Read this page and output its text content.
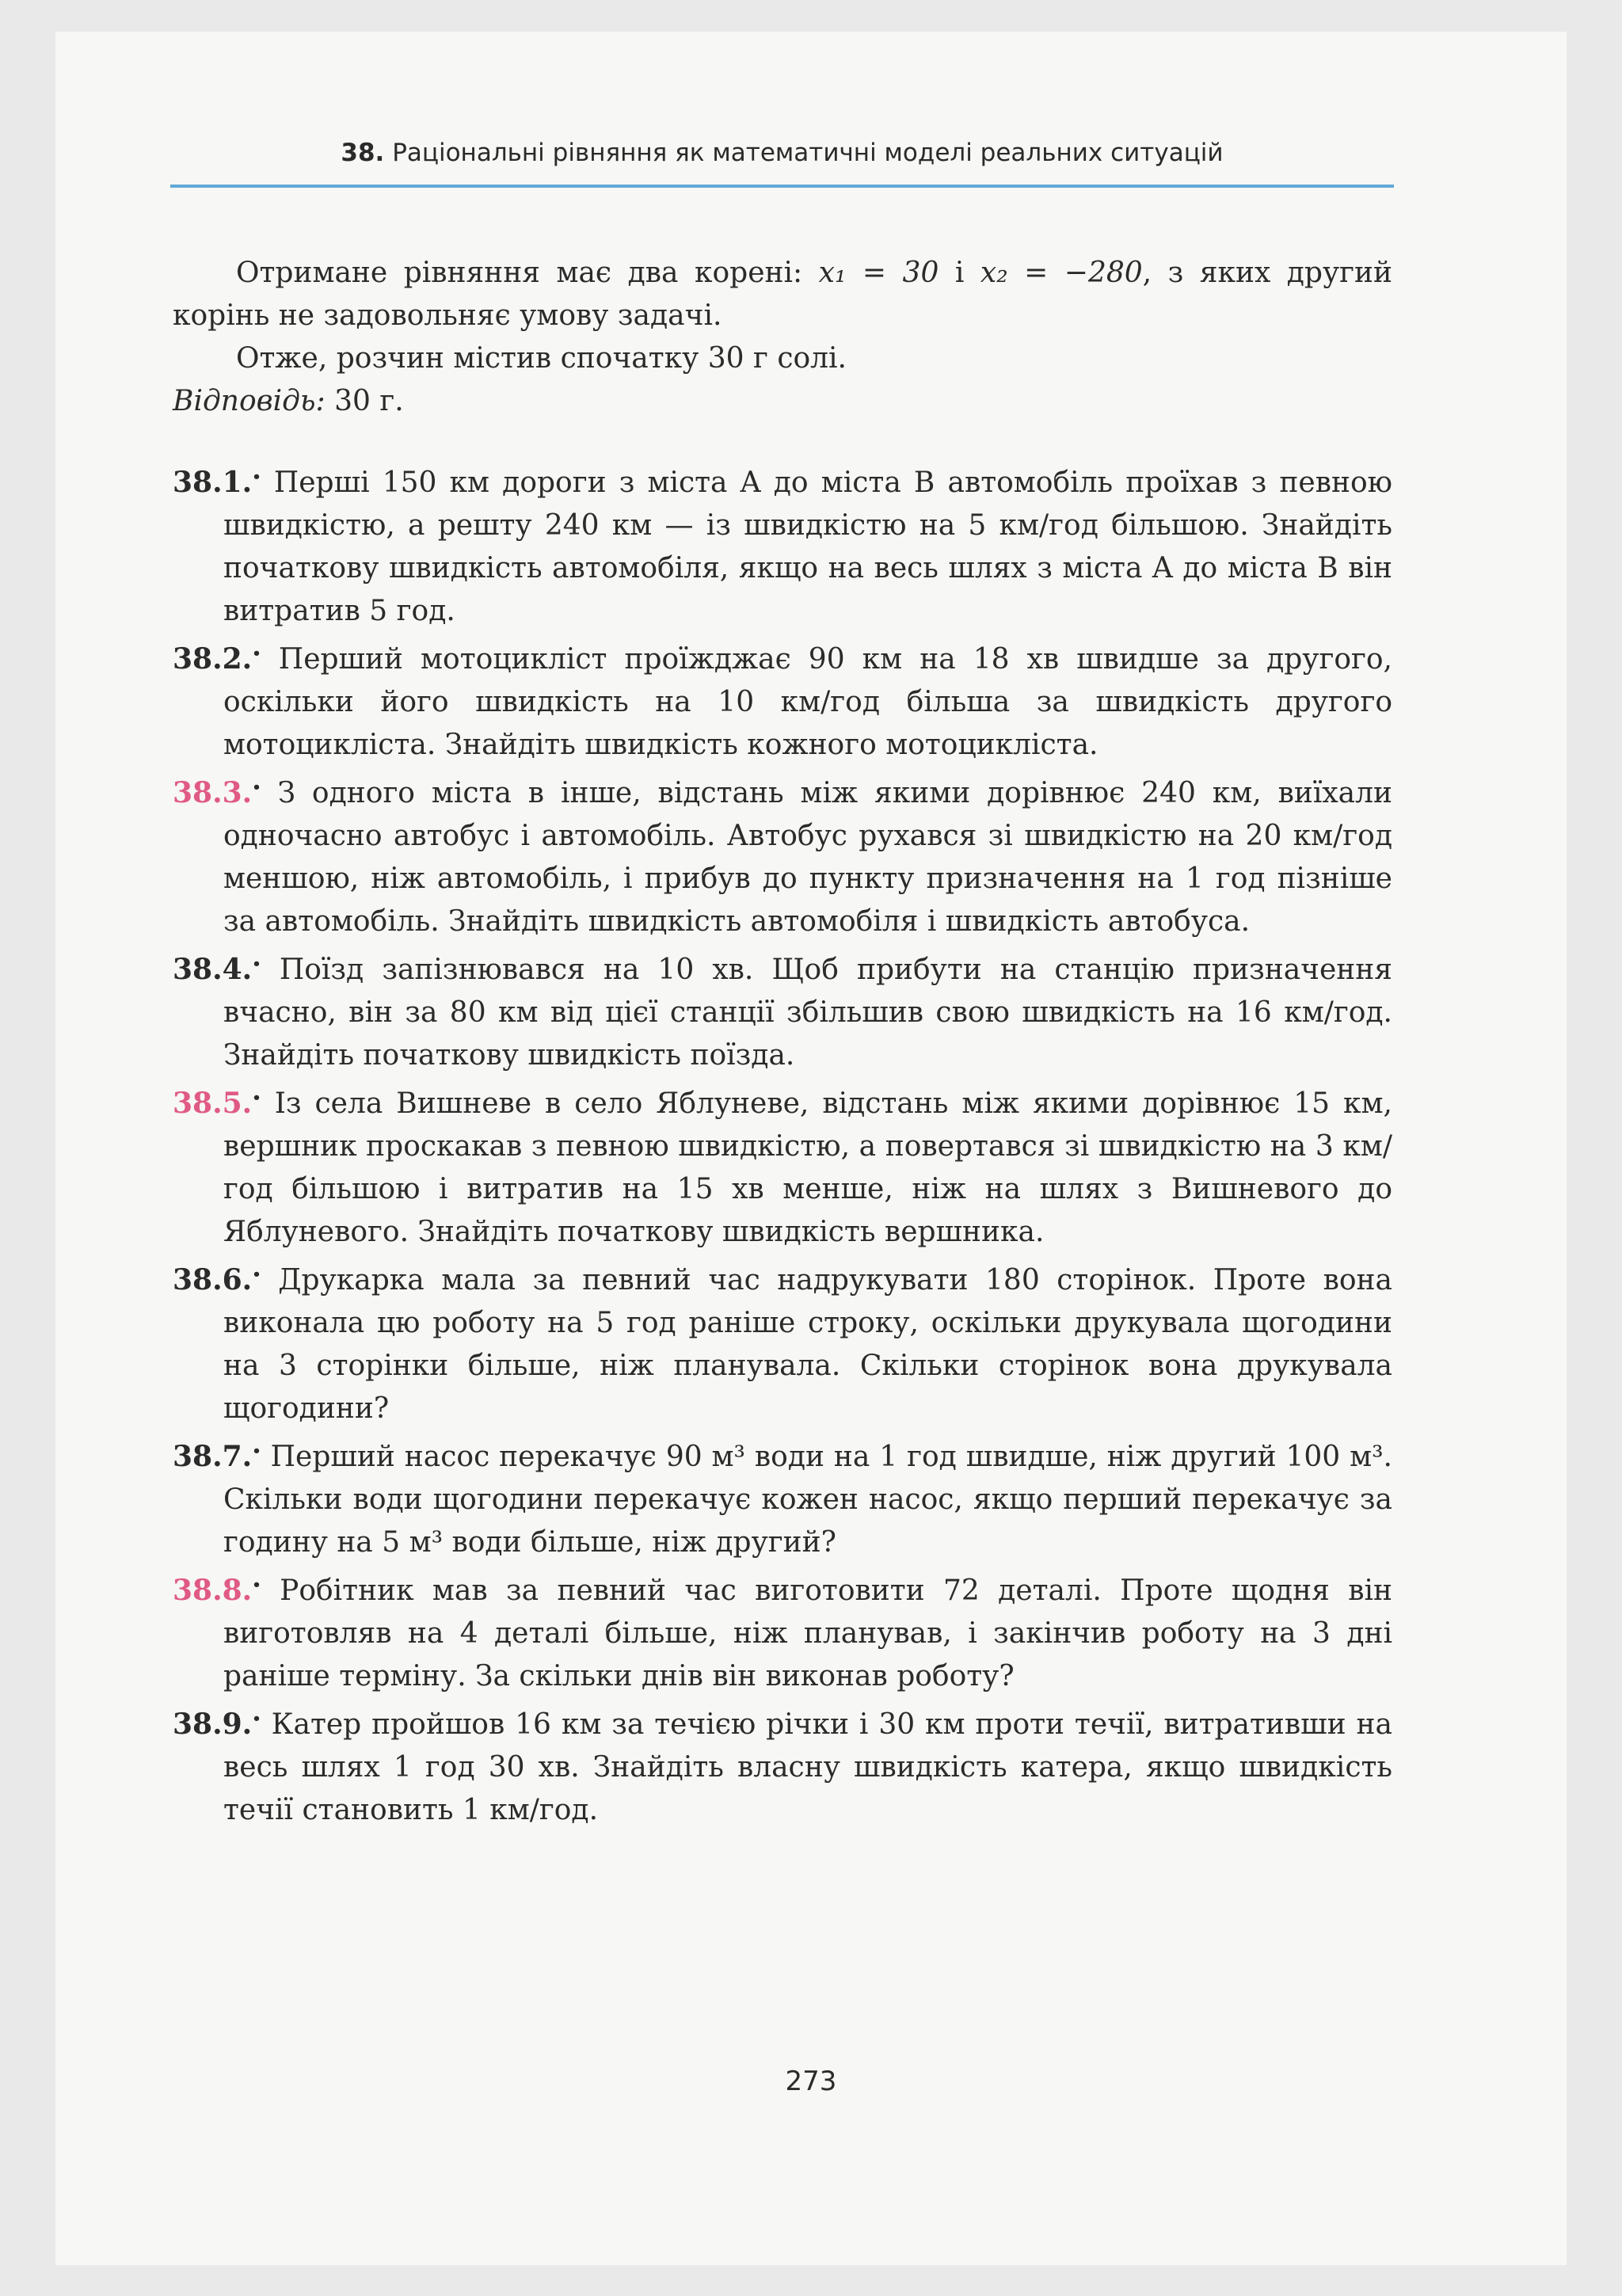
38. Раціональні рівняння як математичні моделі реальних ситуацій

Отримане рівняння має два корені: x₁ = 30 і x₂ = −280, з яких другий корінь не задовольняє умову задачі.

Отже, розчин містив спочатку 30 г солі.

Відповідь: 30 г.

38.1.• Перші 150 км дороги з міста A до міста B автомобіль проїхав з певною швидкістю, а решту 240 км — із швидкістю на 5 км/год більшою. Знайдіть початкову швидкість автомобіля, якщо на весь шлях з міста A до міста B він витратив 5 год.

38.2.• Перший мотоцикліст проїжджає 90 км на 18 хв швидше за другого, оскільки його швидкість на 10 км/год більша за швидкість другого мотоцикліста. Знайдіть швидкість кожного мотоцикліста.

38.3.• З одного міста в інше, відстань між якими дорівнює 240 км, виїхали одночасно автобус і автомобіль. Автобус рухався зі швидкістю на 20 км/год меншою, ніж автомобіль, і прибув до пункту призначення на 1 год пізніше за автомобіль. Знайдіть швидкість автомобіля і швидкість автобуса.

38.4.• Поїзд запізнювався на 10 хв. Щоб прибути на станцію призначення вчасно, він за 80 км від цієї станції збільшив свою швидкість на 16 км/год. Знайдіть початкову швидкість поїзда.

38.5.• Із села Вишневе в село Яблуневе, відстань між якими дорівнює 15 км, вершник проскакав з певною швидкістю, а повертався зі швидкістю на 3 км/год більшою і витратив на 15 хв менше, ніж на шлях з Вишневого до Яблуневого. Знайдіть початкову швидкість вершника.

38.6.• Друкарка мала за певний час надрукувати 180 сторінок. Проте вона виконала цю роботу на 5 год раніше строку, оскільки друкувала щогодини на 3 сторінки більше, ніж планувала. Скільки сторінок вона друкувала щогодини?

38.7.• Перший насос перекачує 90 м³ води на 1 год швидше, ніж другий 100 м³. Скільки води щогодини перекачує кожен насос, якщо перший перекачує за годину на 5 м³ води більше, ніж другий?

38.8.• Робітник мав за певний час виготовити 72 деталі. Проте щодня він виготовляв на 4 деталі більше, ніж планував, і закінчив роботу на 3 дні раніше терміну. За скільки днів він виконав роботу?

38.9.• Катер пройшов 16 км за течією річки і 30 км проти течії, витративши на весь шлях 1 год 30 хв. Знайдіть власну швидкість катера, якщо швидкість течії становить 1 км/год.

273
